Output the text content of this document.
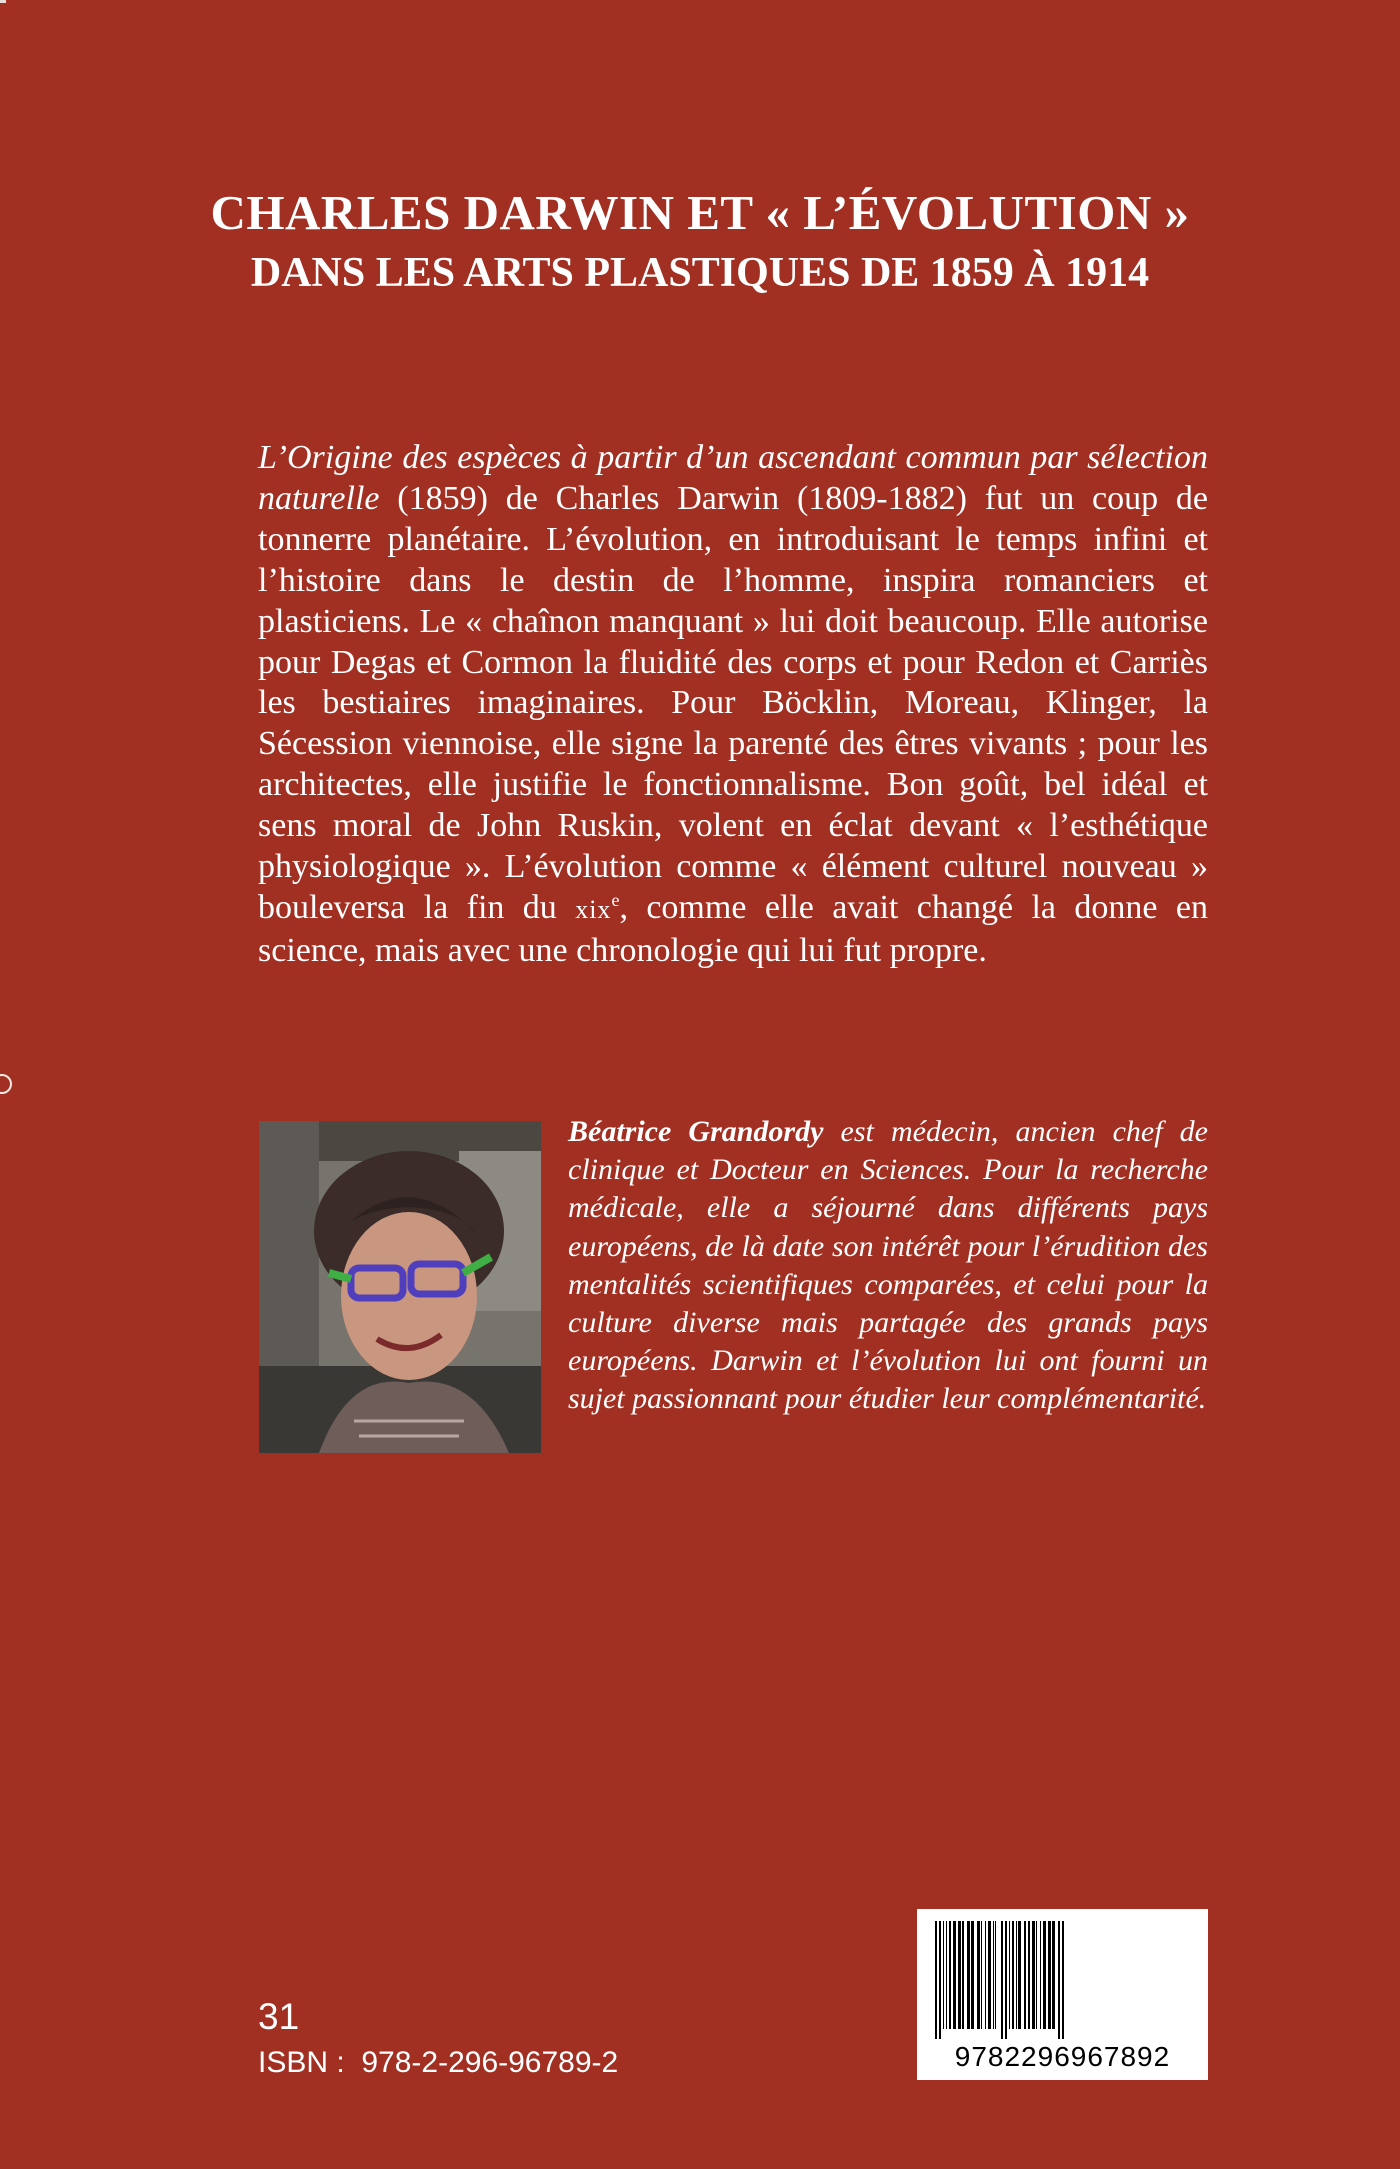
CHARLES DARWIN ET « L’ÉVOLUTION »
DANS LES ARTS PLASTIQUES DE 1859 À 1914
L’Origine des espèces à partir d’un ascendant commun par sélection naturelle (1859) de Charles Darwin (1809-1882) fut un coup de tonnerre planétaire. L’évolution, en introduisant le temps infini et l’histoire dans le destin de l’homme, inspira romanciers et plasticiens. Le « chaînon manquant » lui doit beaucoup. Elle autorise pour Degas et Cormon la fluidité des corps et pour Redon et Carriès les bestiaires imaginaires. Pour Böcklin, Moreau, Klinger, la Sécession viennoise, elle signe la parenté des êtres vivants ; pour les architectes, elle justifie le fonctionnalisme. Bon goût, bel idéal et sens moral de John Ruskin, volent en éclat devant « l’esthétique physiologique ». L’évolution comme « élément culturel nouveau » bouleversa la fin du xix$^e$, comme elle avait changé la donne en science, mais avec une chronologie qui lui fut propre.
Béatrice Grandordy est médecin, ancien chef de clinique et Docteur en Sciences. Pour la recherche médicale, elle a séjourné dans différents pays européens, de là date son intérêt pour l’érudition des mentalités scientifiques comparées, et celui pour la culture diverse mais partagée des grands pays européens. Darwin et l’évolution lui ont fourni un sujet passionnant pour étudier leur complémentarité.
31
ISBN :  978-2-296-96789-2	9782296967892
